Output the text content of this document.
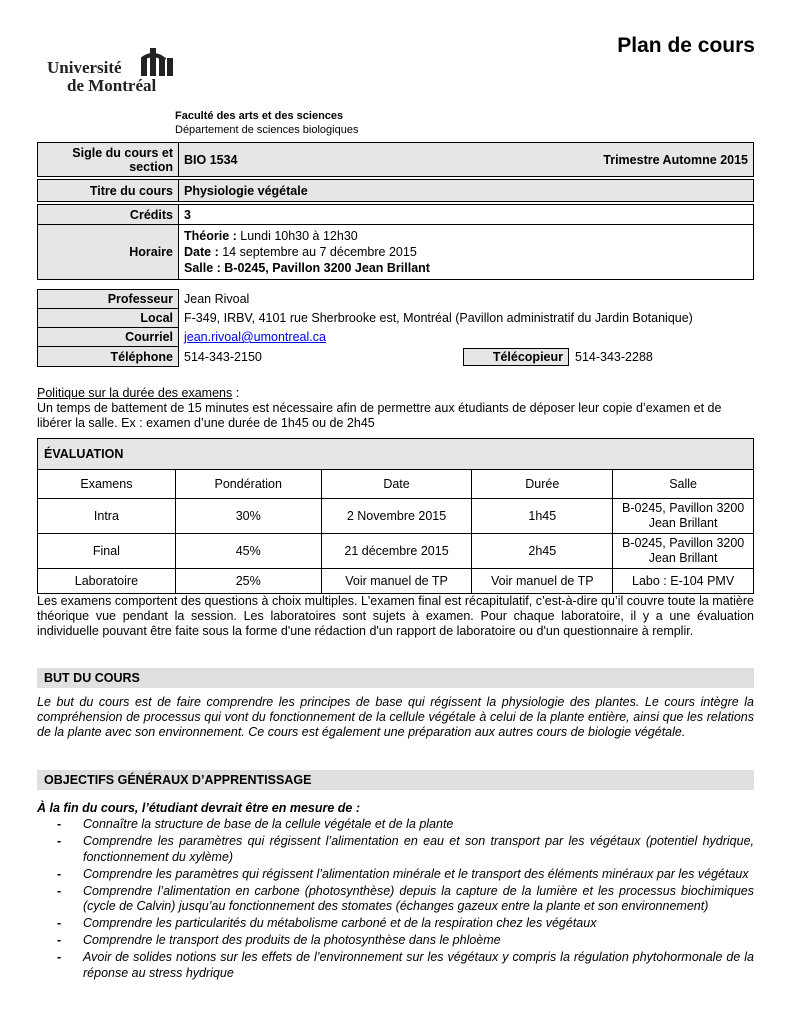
Plan de cours
Université
de Montréal
Faculté des arts et des sciences
Département de sciences biologiques
Sigle du cours et section	BIO 1534 Trimestre Automne 2015

Titre du cours	Physiologie végétale

Crédits	3
Horaire	Théorie : Lundi 10h30 à 12h30
Date : 14 septembre au 7 décembre 2015
Salle : B-0245, Pavillon 3200 Jean Brillant
Professeur	Jean Rivoal
Local	F-349, IRBV, 4101 rue Sherbrooke est, Montréal (Pavillon administratif du Jardin Botanique)
Courriel	jean.rivoal@umontreal.ca
Téléphone	514-343-2150 Télécopieur 514-343-2288
Politique sur la durée des examens :
Un temps de battement de 15 minutes est nécessaire afin de permettre aux étudiants de déposer leur copie d’examen et de libérer la salle. Ex : examen d’une durée de 1h45 ou de 2h45
ÉVALUATION				
Examens	Pondération	Date	Durée	Salle
Intra	30%	2 Novembre 2015	1h45	B-0245, Pavillon 3200 Jean Brillant
Final	45%	21 décembre 2015	2h45	B-0245, Pavillon 3200 Jean Brillant
Laboratoire	25%	Voir manuel de TP	Voir manuel de TP	Labo : E-104 PMV
Les examens comportent des questions à choix multiples. L'examen final est récapitulatif, c’est-à-dire qu’il couvre toute la matière théorique vue pendant la session. Les laboratoires sont sujets à examen. Pour chaque laboratoire, il y a une évaluation individuelle pouvant être faite sous la forme d'une rédaction d'un rapport de laboratoire ou d'un questionnaire à remplir.
BUT DU COURS
Le but du cours est de faire comprendre les principes de base qui régissent la physiologie des plantes. Le cours intègre la compréhension de processus qui vont du fonctionnement de la cellule végétale à celui de la plante entière, ainsi que les relations de la plante avec son environnement. Ce cours est également une préparation aux autres cours de biologie végétale.
OBJECTIFS GÉNÉRAUX D’APPRENTISSAGE
À la fin du cours, l’étudiant devrait être en mesure de :
- Connaître la structure de base de la cellule végétale et de la plante
- Comprendre les paramètres qui régissent l’alimentation en eau et son transport par les végétaux (potentiel hydrique, fonctionnement du xylème)
- Comprendre les paramètres qui régissent l’alimentation minérale et le transport des éléments minéraux par les végétaux
- Comprendre l’alimentation en carbone (photosynthèse) depuis la capture de la lumière et les processus biochimiques (cycle de Calvin) jusqu’au fonctionnement des stomates (échanges gazeux entre la plante et son environnement)
- Comprendre les particularités du métabolisme carboné et de la respiration chez les végétaux
- Comprendre le transport des produits de la photosynthèse dans le phloème
- Avoir de solides notions sur les effets de l’environnement sur les végétaux y compris la régulation phytohormonale de la réponse au stress hydrique
